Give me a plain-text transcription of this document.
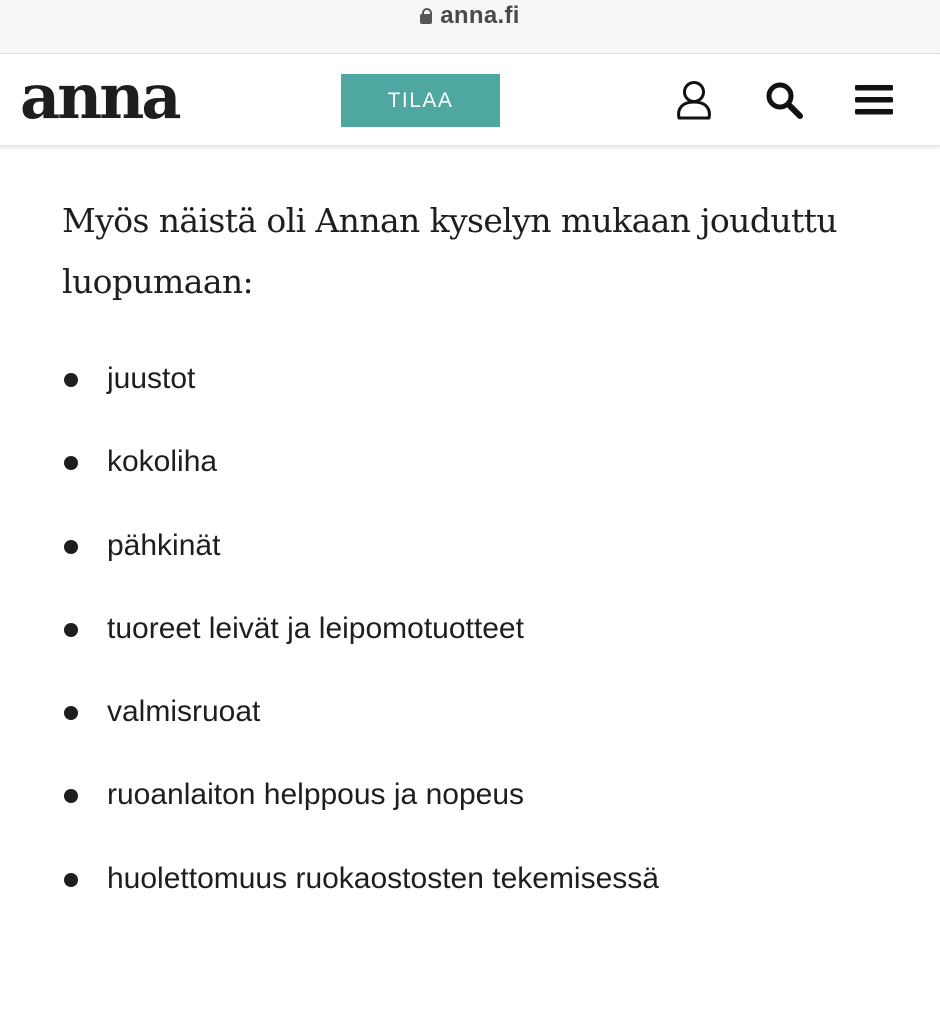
anna.fi
anna	TILAA

Myös näistä oli Annan kyselyn mukaan jouduttu luopumaan:

juustot
kokoliha
pähkinät
tuoreet leivät ja leipomotuotteet
valmisruoat
ruoanlaiton helppous ja nopeus
huolettomuus ruokaostosten tekemisessä
